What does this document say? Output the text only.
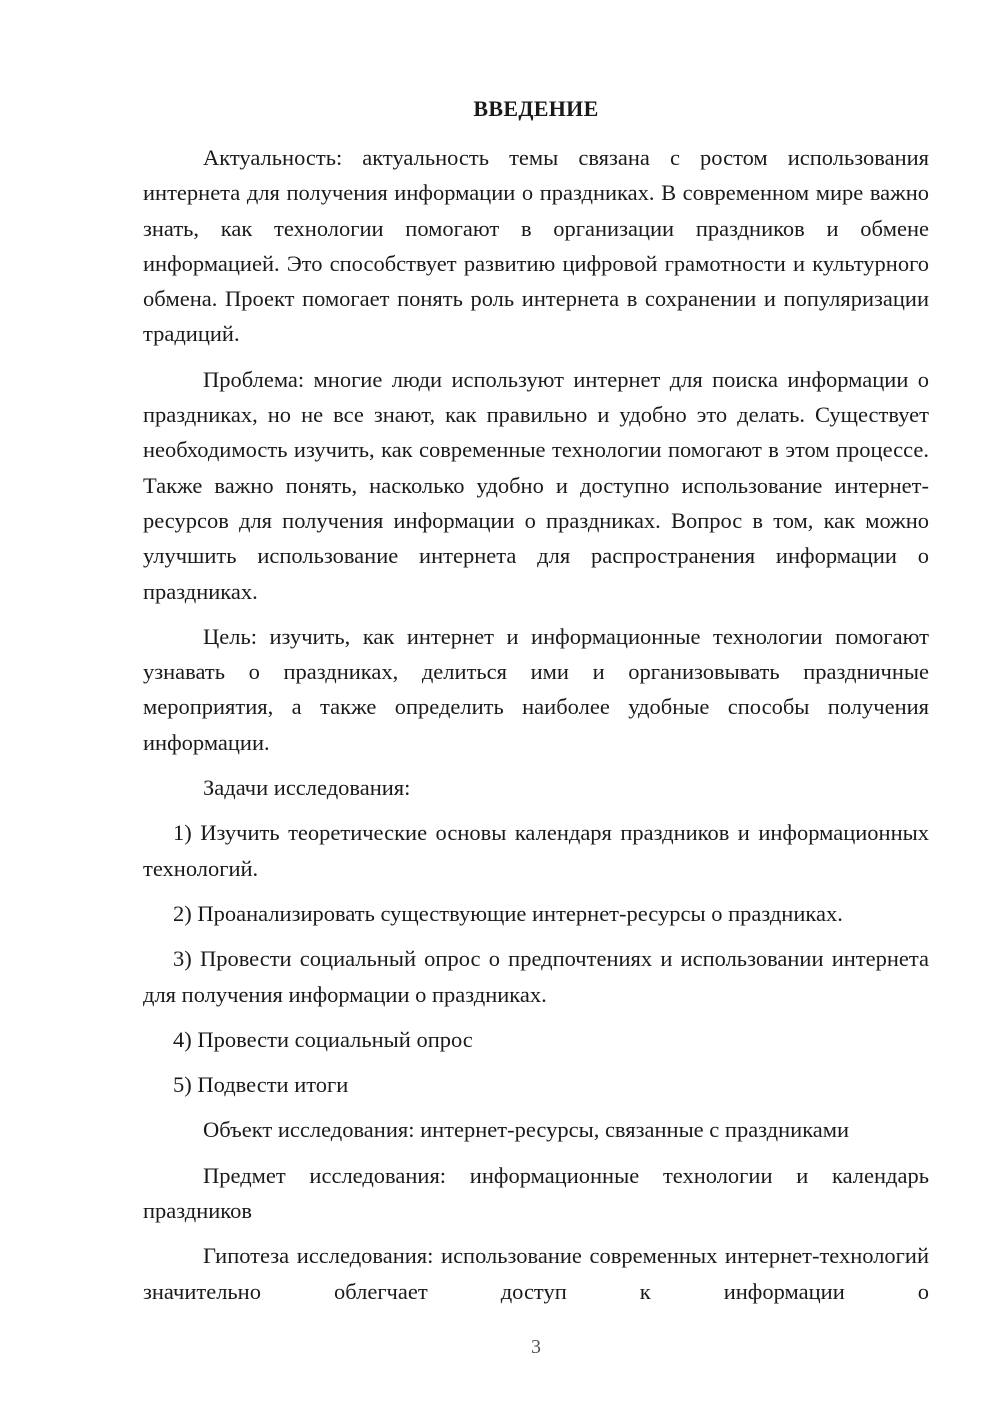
ВВЕДЕНИЕ

Актуальность: актуальность темы связана с ростом использования интернета для получения информации о праздниках. В современном мире важно знать, как технологии помогают в организации праздников и обмене информацией. Это способствует развитию цифровой грамотности и культурного обмена. Проект помогает понять роль интернета в сохранении и популяризации традиций.

Проблема: многие люди используют интернет для поиска информации о праздниках, но не все знают, как правильно и удобно это делать. Существует необходимость изучить, как современные технологии помогают в этом процессе. Также важно понять, насколько удобно и доступно использование интернет-ресурсов для получения информации о праздниках. Вопрос в том, как можно улучшить использование интернета для распространения информации о праздниках.

Цель: изучить, как интернет и информационные технологии помогают узнавать о праздниках, делиться ими и организовывать праздничные мероприятия, а также определить наиболее удобные способы получения информации.

Задачи исследования:

1) Изучить теоретические основы календаря праздников и информационных технологий.

2) Проанализировать существующие интернет-ресурсы о праздниках.

3) Провести социальный опрос о предпочтениях и использовании интернета для получения информации о праздниках.

4) Провести социальный опрос

5) Подвести итоги

Объект исследования: интернет-ресурсы, связанные с праздниками

Предмет исследования: информационные технологии и календарь праздников

Гипотеза исследования: использование современных интернет-технологий значительно облегчает доступ к информации о

3
